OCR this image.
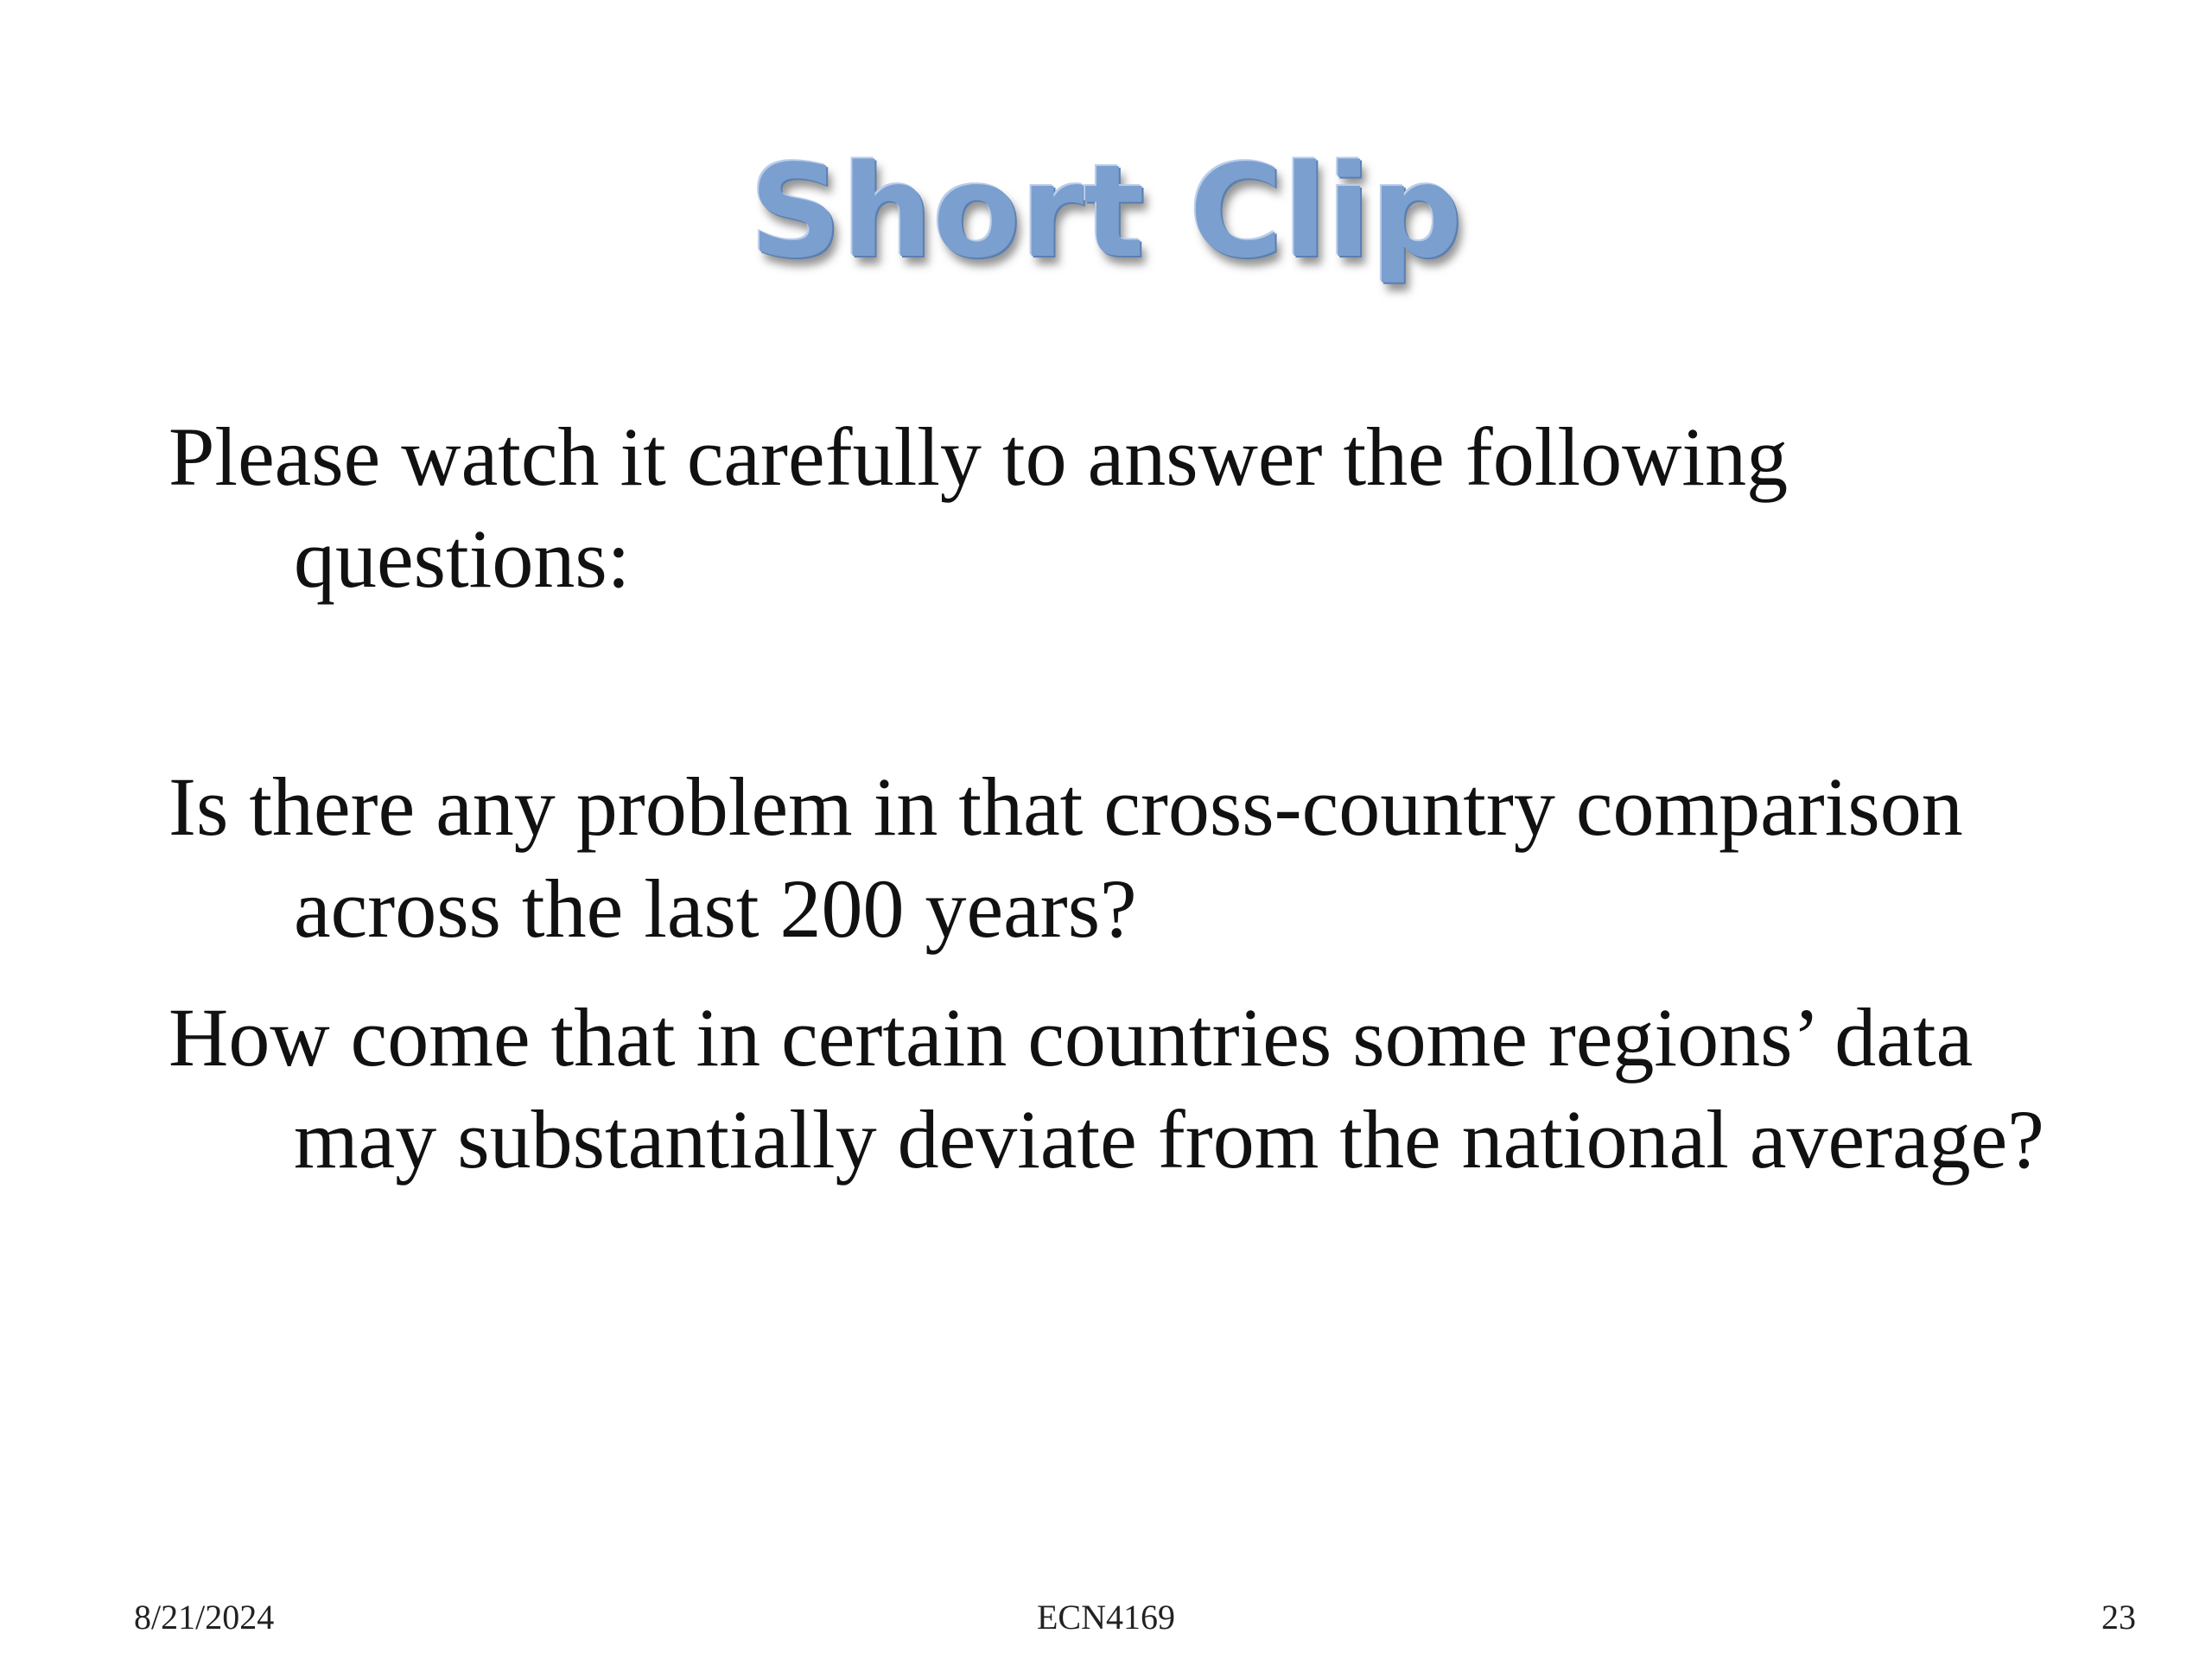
Short Clip

Please watch it carefully to answer the following questions:

Is there any problem in that cross-country comparison across the last 200 years?

How come that in certain countries some regions’ data may substantially deviate from the national average?

8/21/2024	ECN4169	23
